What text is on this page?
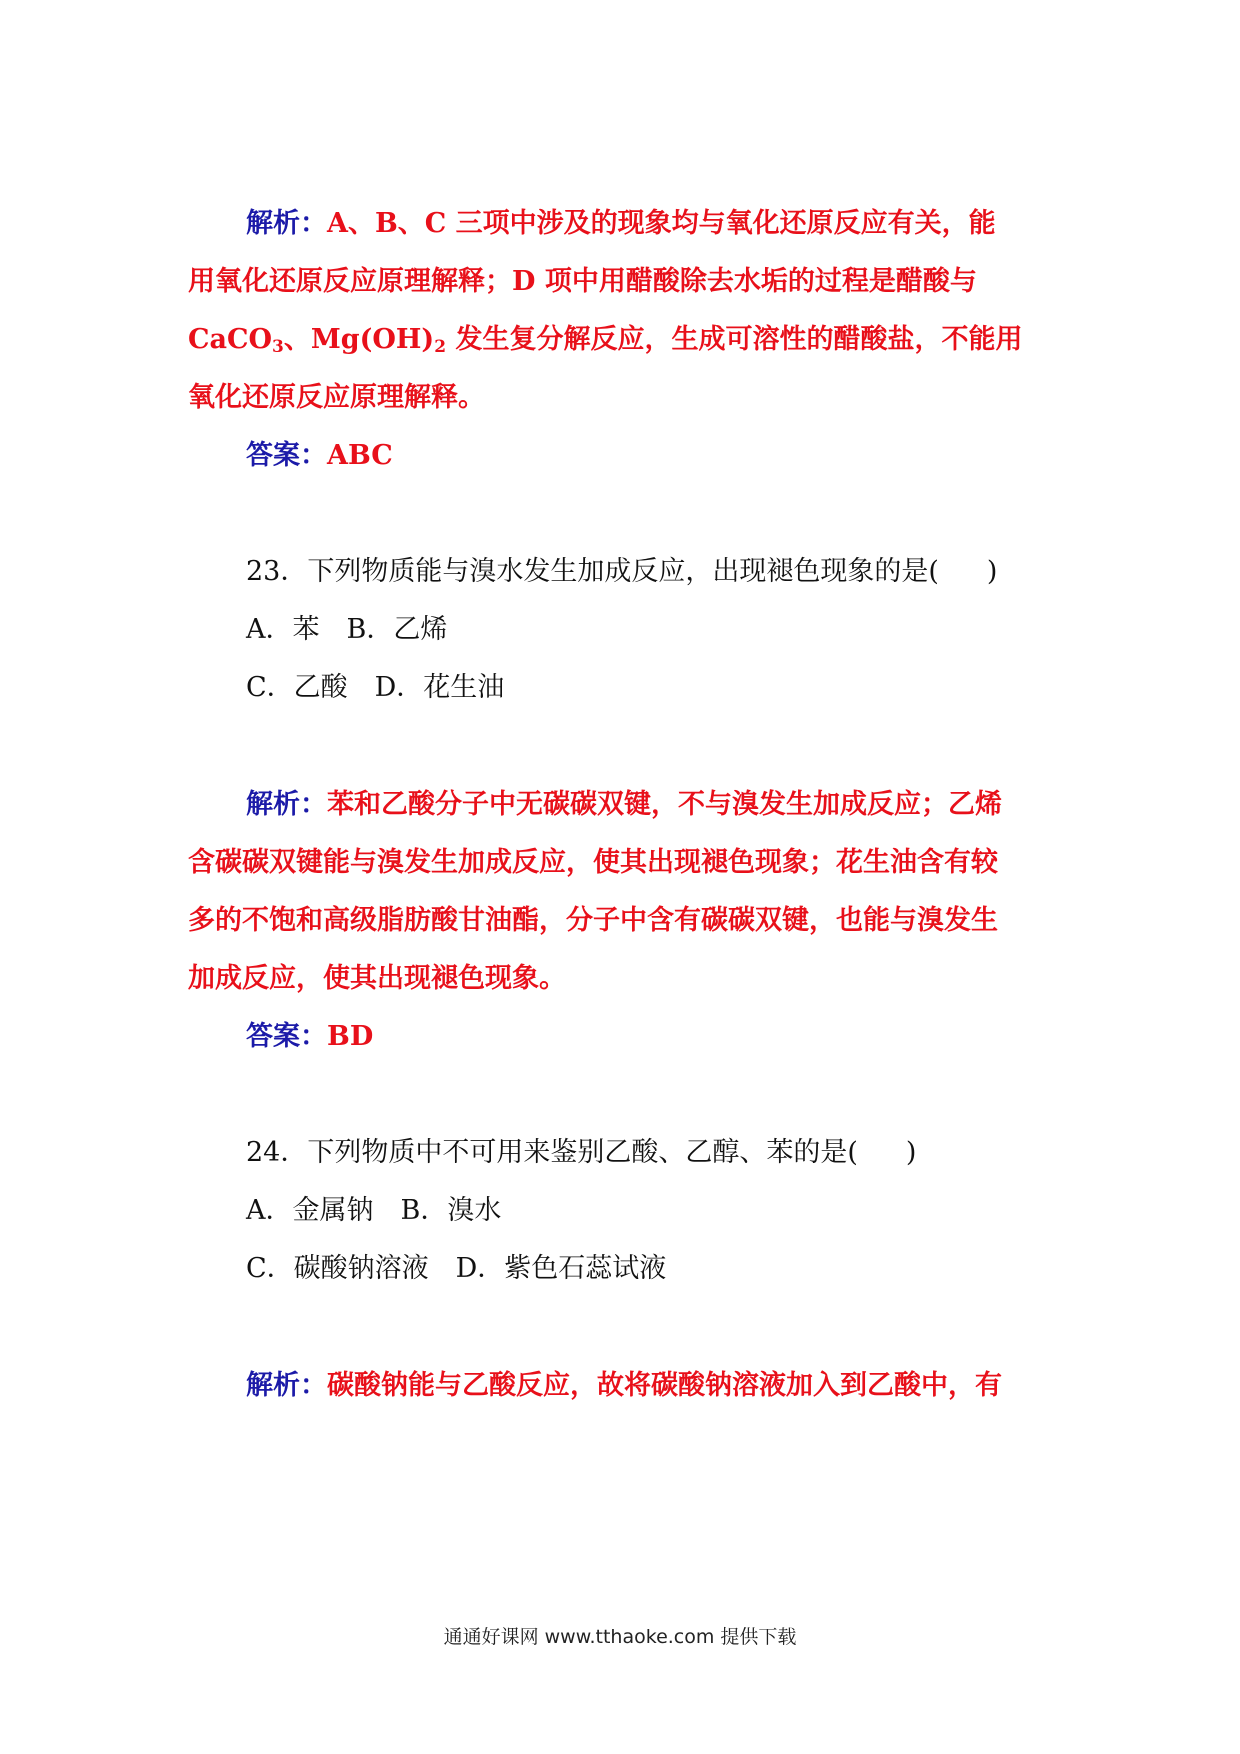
解析：A、B、C 三项中涉及的现象均与氧化还原反应有关，能
用氧化还原反应原理解释；D 项中用醋酸除去水垢的过程是醋酸与
CaCO$_3$、$Mg(OH)_2$ 发生复分解反应，生成可溶性的醋酸盐，不能用
氧化还原反应原理解释。
答案：ABC
23．下列物质能与溴水发生加成反应，出现褪色现象的是( )
A．苯　B．乙烯
C．乙酸　D．花生油
解析：苯和乙酸分子中无碳碳双键，不与溴发生加成反应；乙烯
含碳碳双键能与溴发生加成反应，使其出现褪色现象；花生油含有较
多的不饱和高级脂肪酸甘油酯，分子中含有碳碳双键，也能与溴发生
加成反应，使其出现褪色现象。
答案：BD
24．下列物质中不可用来鉴别乙酸、乙醇、苯的是( )
A．金属钠　B．溴水
C．碳酸钠溶液　D．紫色石蕊试液
解析：碳酸钠能与乙酸反应，故将碳酸钠溶液加入到乙酸中，有
通通好课网 www.tthaoke.com 提供下载
